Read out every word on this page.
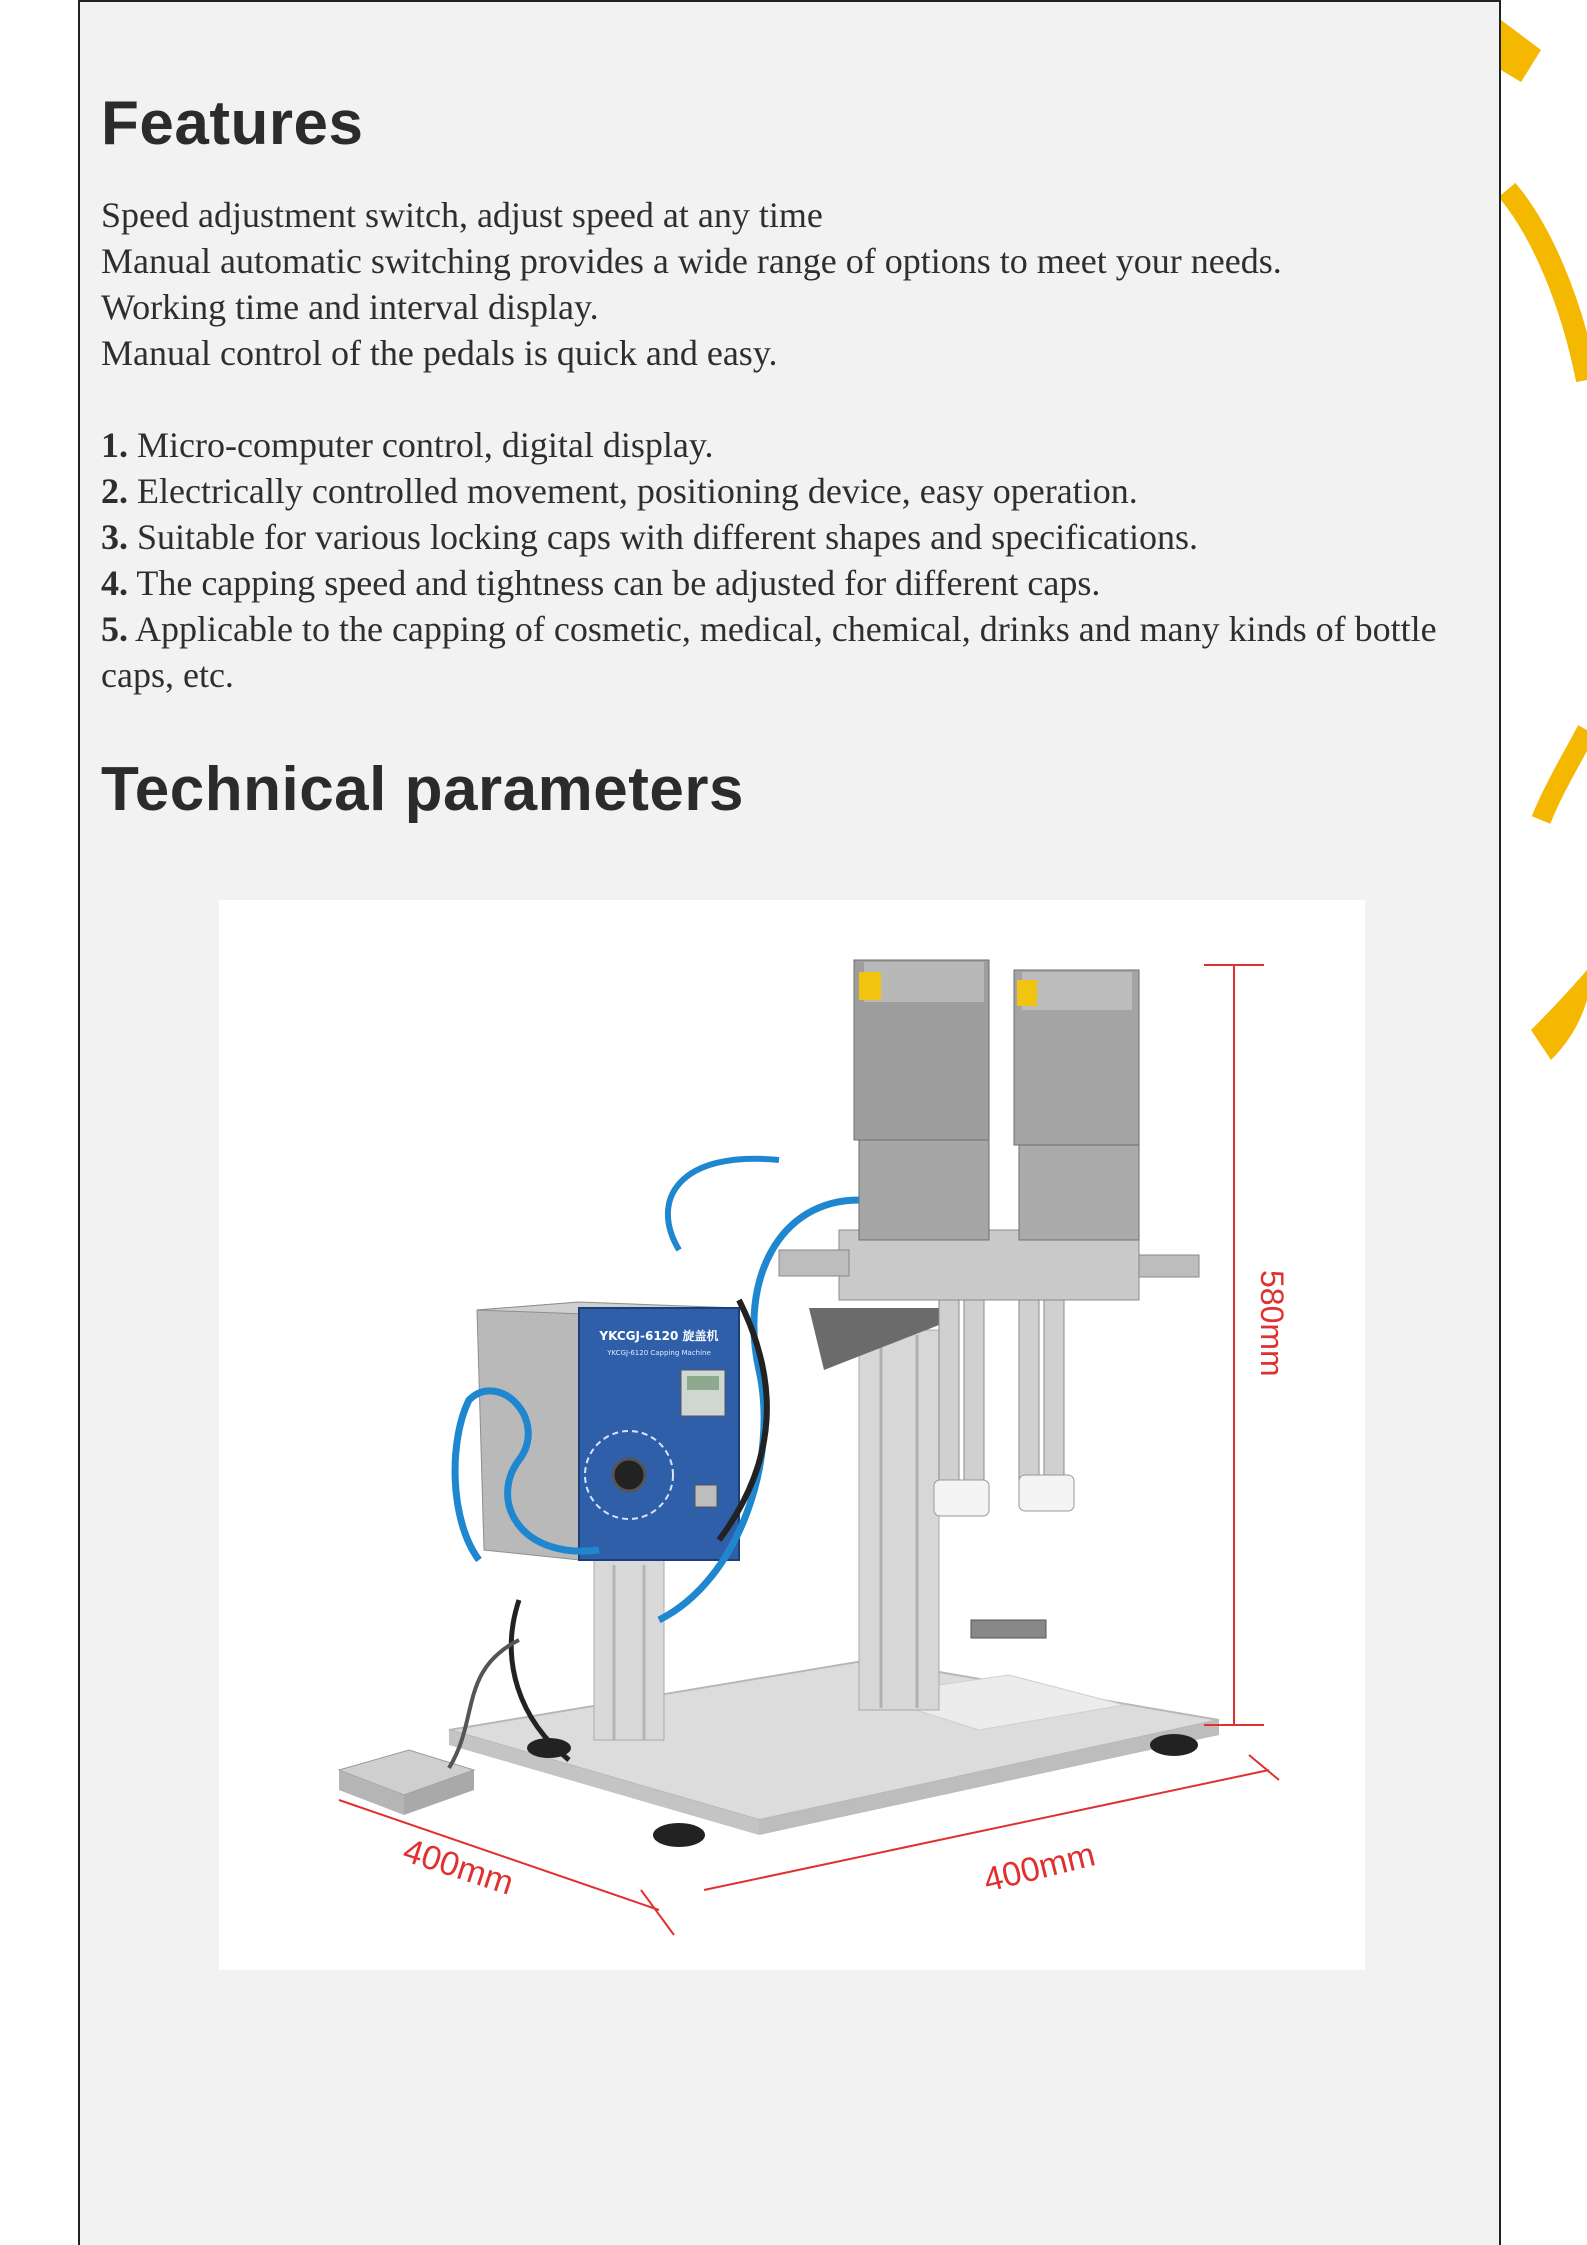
Features
Speed adjustment switch, adjust speed at any time
Manual automatic switching provides a wide range of options to meet your needs.
Working time and interval display.
Manual control of the pedals is quick and easy.
1. Micro-computer control, digital display.
2. Electrically controlled movement, positioning device, easy operation.
3. Suitable for various locking caps with different shapes and specifications.
4. The capping speed and tightness can be adjusted for different caps.
5. Applicable to the capping of cosmetic, medical, chemical, drinks and many kinds of bottle caps, etc.
Technical parameters
YKCGJ-6120 旋盖机
YKCGJ-6120 Capping Machine	580mm
400mm	400mm
